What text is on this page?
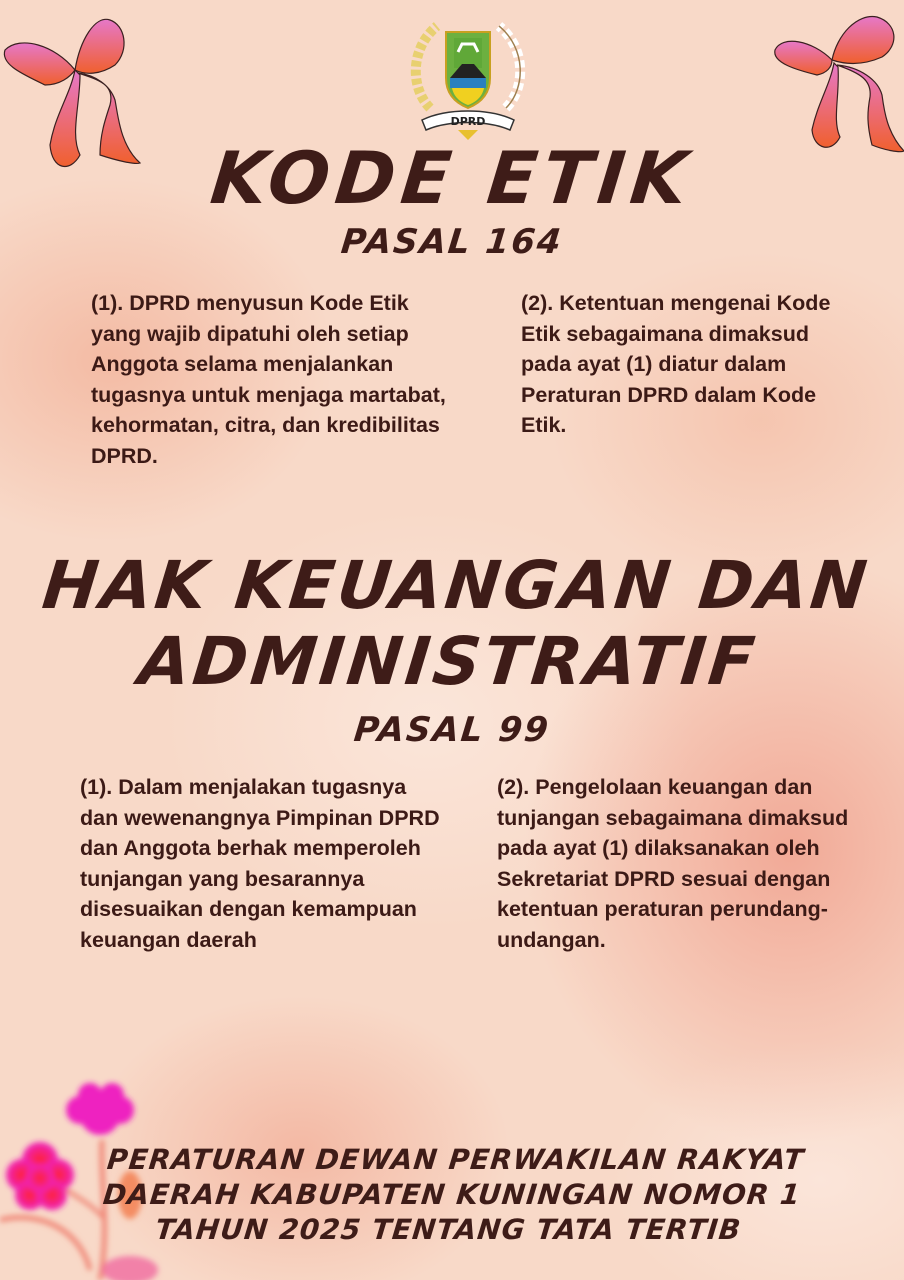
DPRD
KODE ETIK
PASAL 164
(1). DPRD menyusun Kode Etik yang wajib dipatuhi oleh setiap Anggota selama menjalankan tugasnya untuk menjaga martabat, kehormatan, citra, dan kredibilitas DPRD.
(2). Ketentuan mengenai Kode Etik sebagaimana dimaksud pada ayat (1) diatur dalam Peraturan DPRD dalam Kode Etik.
HAK KEUANGAN DAN
ADMINISTRATIF
PASAL 99
(1). Dalam menjalakan tugasnya dan wewenangnya Pimpinan DPRD dan Anggota berhak memperoleh tunjangan yang besarannya disesuaikan dengan kemampuan keuangan daerah
(2). Pengelolaan keuangan dan tunjangan sebagaimana dimaksud pada ayat (1) dilaksanakan oleh Sekretariat DPRD sesuai dengan ketentuan peraturan perundang-undangan.
PERATURAN DEWAN PERWAKILAN RAKYAT
DAERAH KABUPATEN KUNINGAN NOMOR 1
TAHUN 2025 TENTANG TATA TERTIB
